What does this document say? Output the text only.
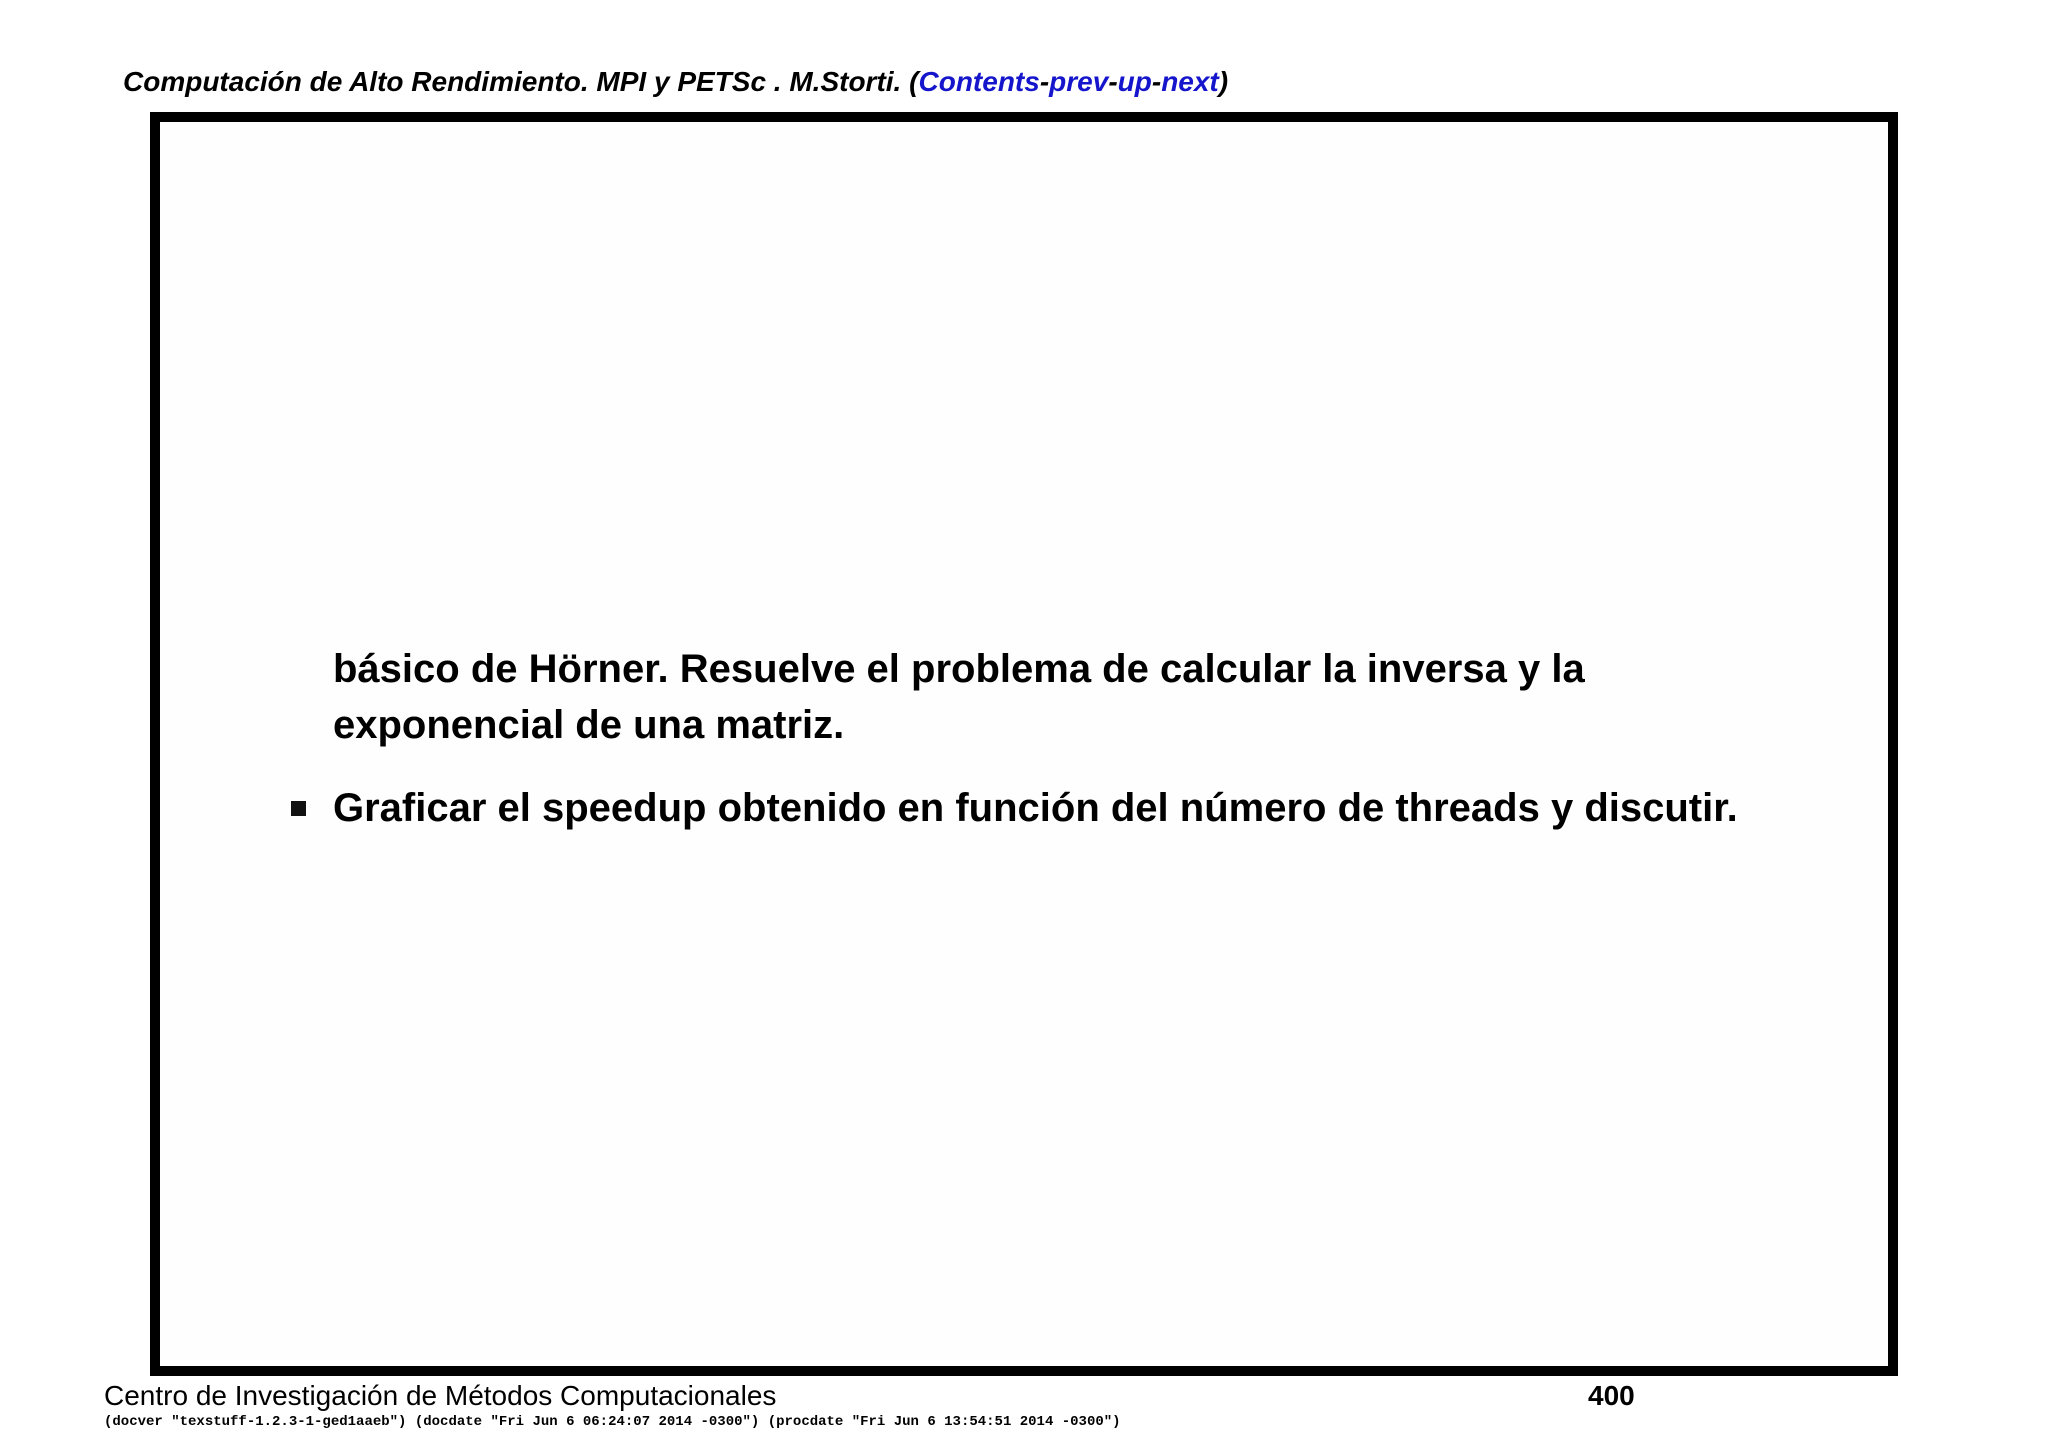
Computación de Alto Rendimiento. MPI y PETSc . M.Storti. ( Contents - prev - up - next )
básico de Hörner. Resuelve el problema de calcular la inversa y la
exponencial de una matriz.
Graficar el speedup obtenido en función del número de threads y discutir.
Centro de Investigación de Métodos Computacionales	400
(docver "texstuff-1.2.3-1-ged1aaeb") (docdate "Fri Jun 6 06:24:07 2014 -0300") (procdate "Fri Jun 6 13:54:51 2014 -0300")
